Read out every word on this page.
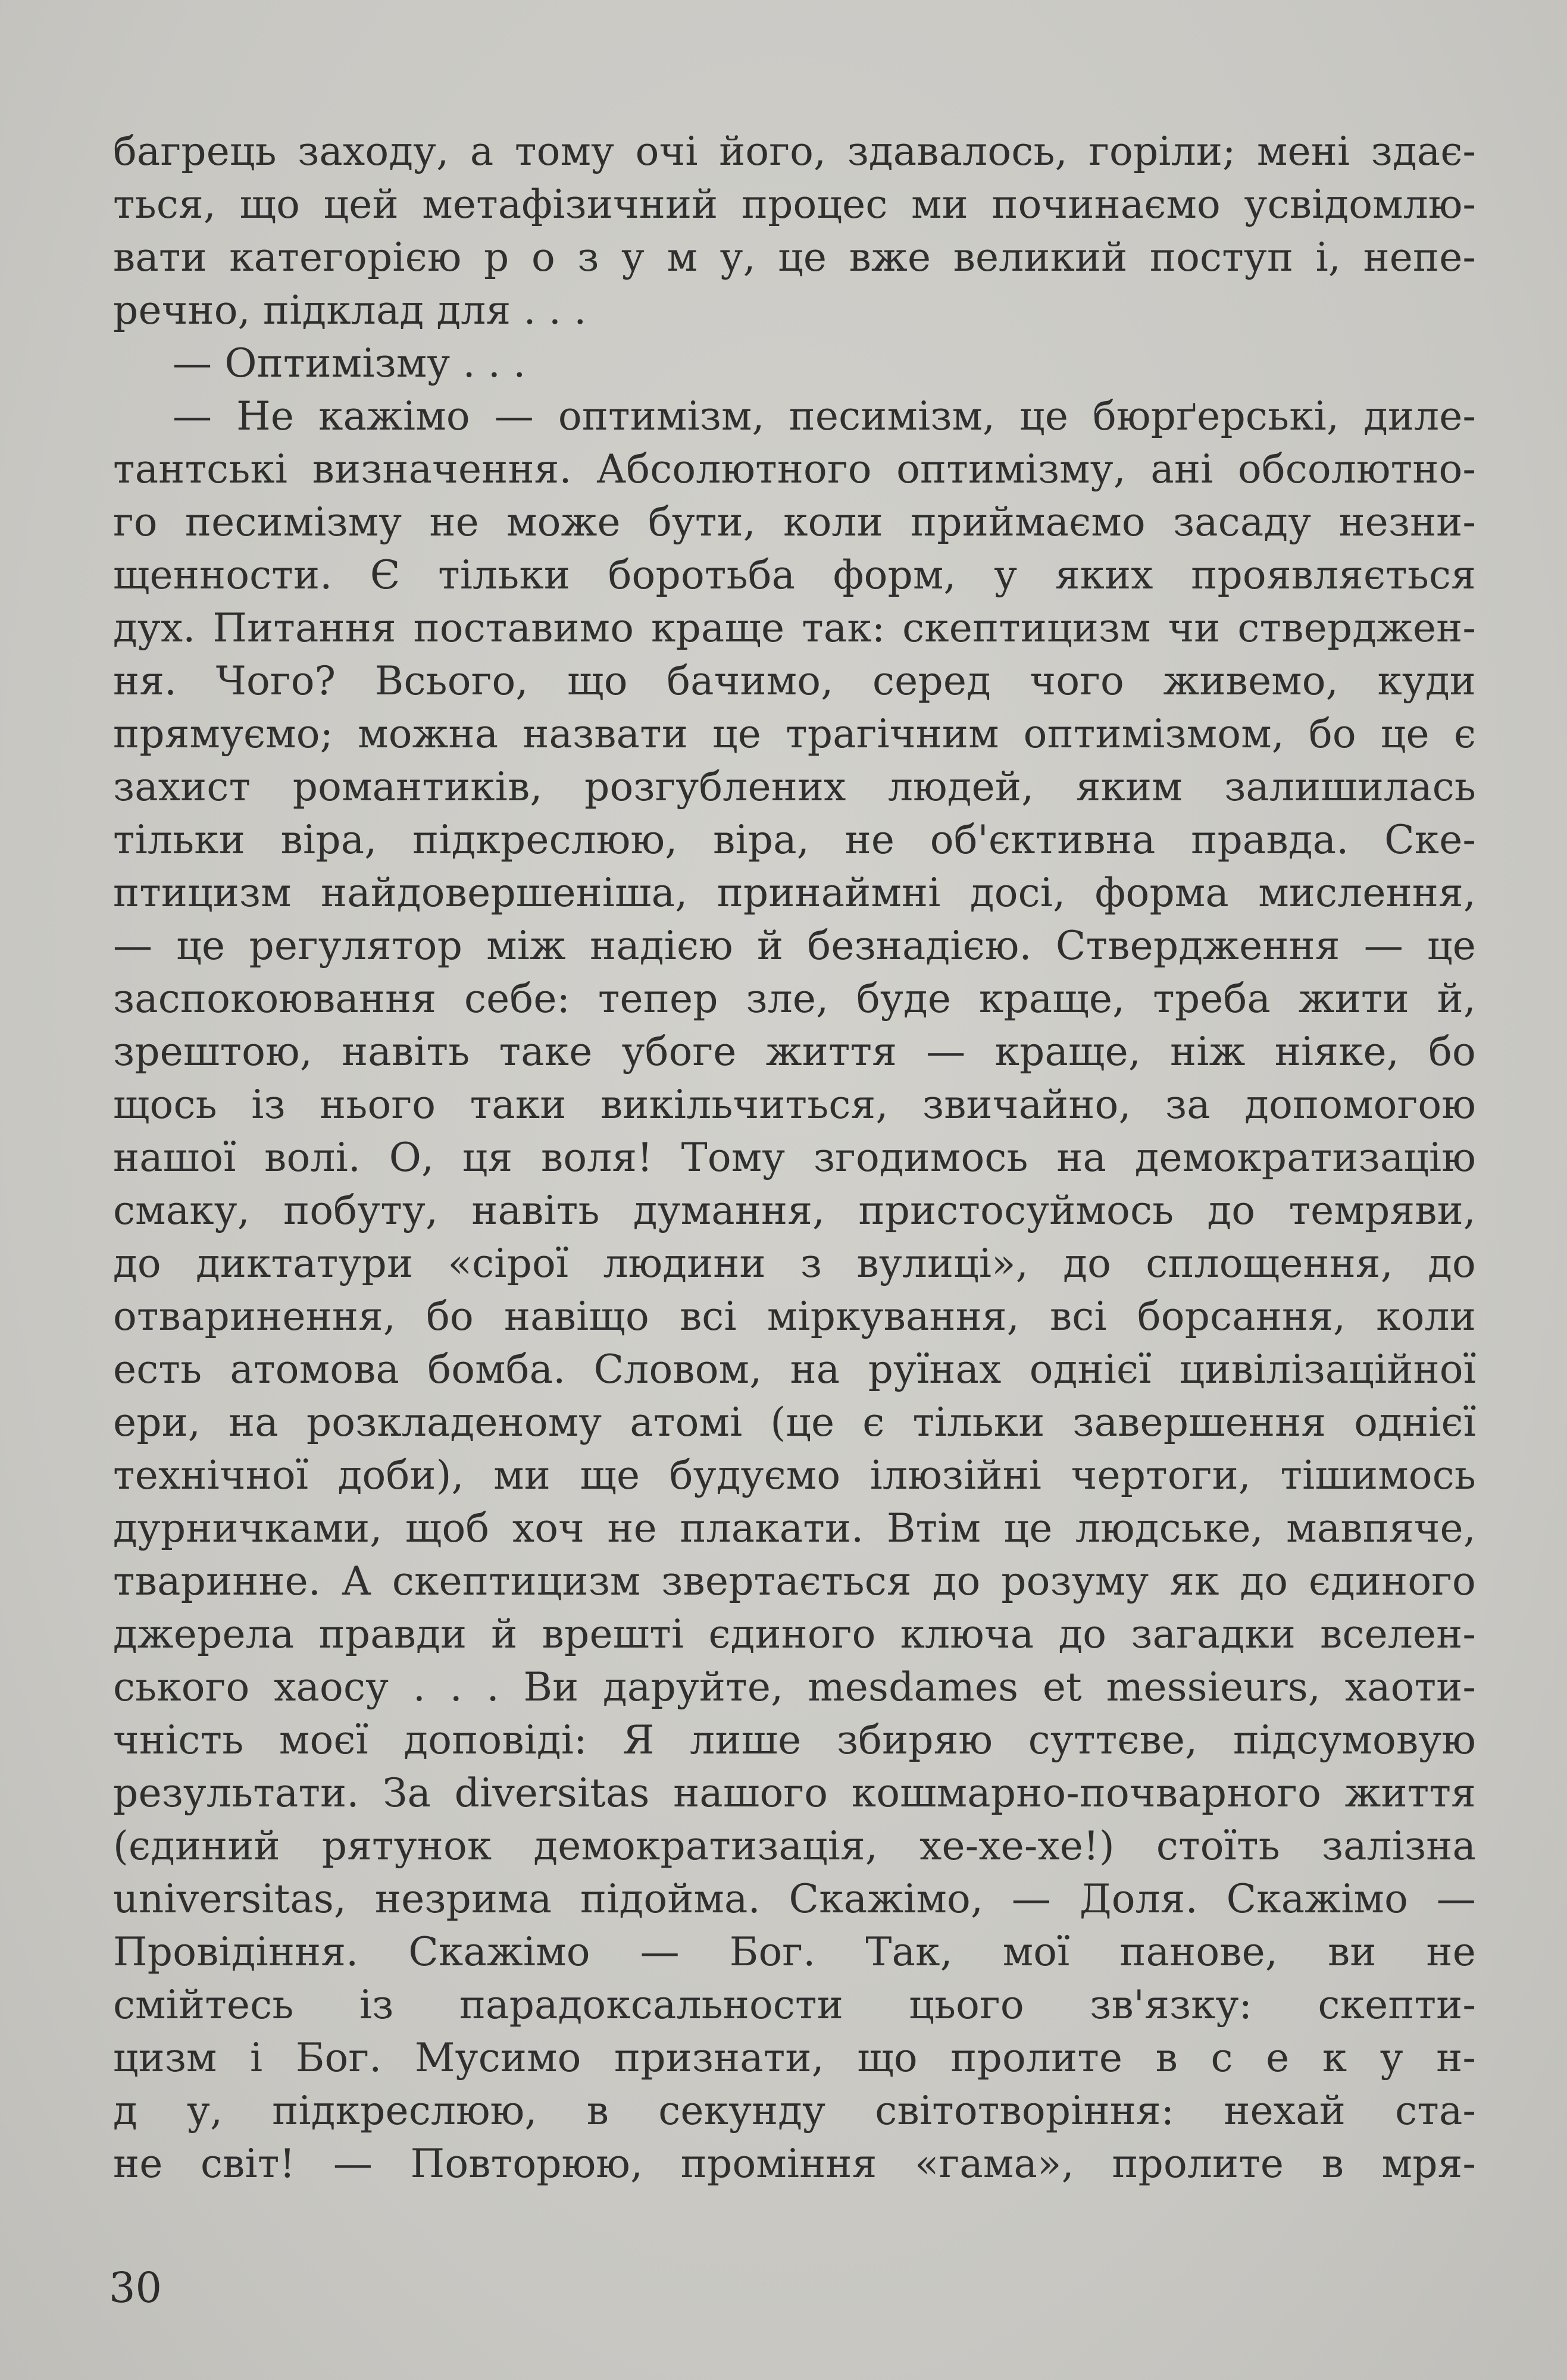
багрець заходу, а тому очі його, здавалось, горіли; мені здає-
ться, що цей метафізичний процес ми починаємо усвідомлю-
вати категорією р о з у м у, це вже великий поступ і, непе-
речно, підклад для . . .
— Оптимізму . . .
— Не кажімо — оптимізм, песимізм, це бюрґерські, диле-
тантські визначення. Абсолютного оптимізму, ані обсолютно-
го песимізму не може бути, коли приймаємо засаду незни-
щенности. Є тільки боротьба форм, у яких проявляється
дух. Питання поставимо краще так: скептицизм чи стверджен-
ня. Чого? Всього, що бачимо, серед чого живемо, куди
прямуємо; можна назвати це трагічним оптимізмом, бо це є
захист романтиків, розгублених людей, яким залишилась
тільки віра, підкреслюю, віра, не об'єктивна правда. Ске-
птицизм найдовершеніша, принаймні досі, форма мислення,
— це регулятор між надією й безнадією. Ствердження — це
заспокоювання себе: тепер зле, буде краще, треба жити й,
зрештою, навіть таке убоге життя — краще, ніж ніяке, бо
щось із нього таки викільчиться, звичайно, за допомогою
нашої волі. О, ця воля! Тому згодимось на демократизацію
смаку, побуту, навіть думання, пристосуймось до темряви,
до диктатури «сірої людини з вулиці», до сплощення, до
отваринення, бо навіщо всі міркування, всі борсання, коли
есть атомова бомба. Словом, на руїнах однієї цивілізаційної
ери, на розкладеному атомі (це є тільки завершення однієї
технічної доби), ми ще будуємо ілюзійні чертоги, тішимось
дурничками, щоб хоч не плакати. Втім це людське, мавпяче,
тваринне. А скептицизм звертається до розуму як до єдиного
джерела правди й врешті єдиного ключа до загадки вселен-
ського хаосу . . . Ви даруйте, mesdames et messieurs, хаоти-
чність моєї доповіді: Я лише збиряю суттєве, підсумовую
результати. За diversitas нашого кошмарно-почварного життя
(єдиний рятунок демократизація, хе-хе-хе!) стоїть залізна
universitas, незрима підойма. Скажімо, — Доля. Скажімо —
Провідіння. Скажімо — Бог. Так, мої панове, ви не
смійтесь із парадоксальности цього зв'язку: скепти-
цизм і Бог. Мусимо признати, що пролите в с е к у н-
д у, підкреслюю, в секунду світотворіння: нехай ста-
не світ! — Повторюю, проміння «гама», пролите в мря-
30
